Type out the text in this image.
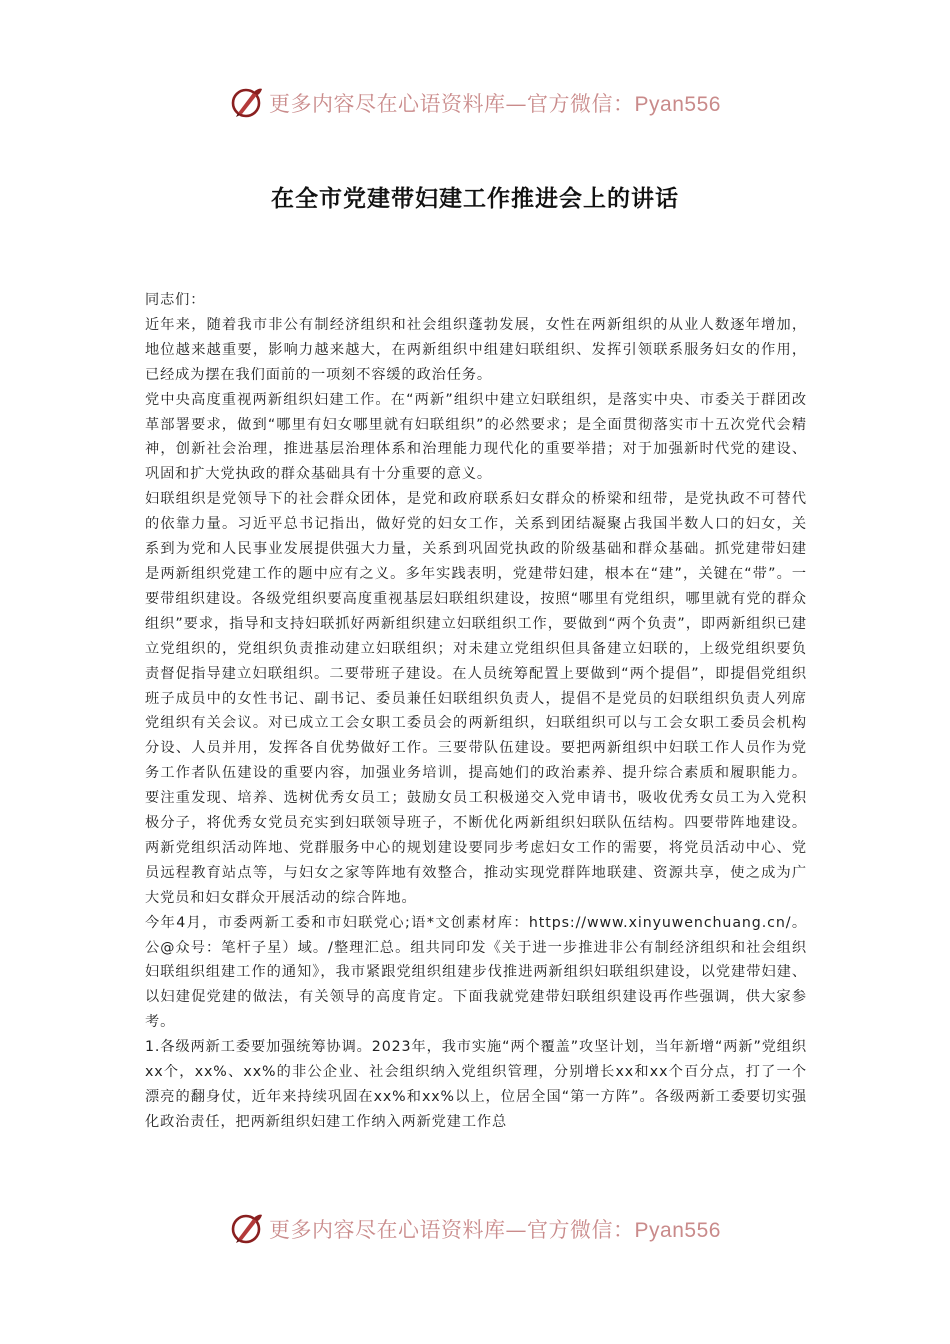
更多内容尽在心语资料库—官方微信：Pyan556
在全市党建带妇建工作推进会上的讲话

同志们：

近年来，随着我市非公有制经济组织和社会组织蓬勃发展，女性在两新组织的从业人数逐年增加，地位越来越重要，影响力越来越大，在两新组织中组建妇联组织、发挥引领联系服务妇女的作用，已经成为摆在我们面前的一项刻不容缓的政治任务。

党中央高度重视两新组织妇建工作。在“两新”组织中建立妇联组织，是落实中央、市委关于群团改革部署要求，做到“哪里有妇女哪里就有妇联组织”的必然要求；是全面贯彻落实市十五次党代会精神，创新社会治理，推进基层治理体系和治理能力现代化的重要举措；对于加强新时代党的建设、巩固和扩大党执政的群众基础具有十分重要的意义。

妇联组织是党领导下的社会群众团体，是党和政府联系妇女群众的桥梁和纽带，是党执政不可替代的依靠力量。习近平总书记指出，做好党的妇女工作，关系到团结凝聚占我国半数人口的妇女，关系到为党和人民事业发展提供强大力量，关系到巩固党执政的阶级基础和群众基础。抓党建带妇建是两新组织党建工作的题中应有之义。多年实践表明，党建带妇建，根本在“建”，关键在“带”。一要带组织建设。各级党组织要高度重视基层妇联组织建设，按照“哪里有党组织，哪里就有党的群众组织”要求，指导和支持妇联抓好两新组织建立妇联组织工作，要做到“两个负责”，即两新组织已建立党组织的，党组织负责推动建立妇联组织；对未建立党组织但具备建立妇联的，上级党组织要负责督促指导建立妇联组织。二要带班子建设。在人员统筹配置上要做到“两个提倡”，即提倡党组织班子成员中的女性书记、副书记、委员兼任妇联组织负责人，提倡不是党员的妇联组织负责人列席党组织有关会议。对已成立工会女职工委员会的两新组织，妇联组织可以与工会女职工委员会机构分设、人员并用，发挥各自优势做好工作。三要带队伍建设。要把两新组织中妇联工作人员作为党务工作者队伍建设的重要内容，加强业务培训，提高她们的政治素养、提升综合素质和履职能力。要注重发现、培养、选树优秀女员工；鼓励女员工积极递交入党申请书，吸收优秀女员工为入党积极分子，将优秀女党员充实到妇联领导班子，不断优化两新组织妇联队伍结构。四要带阵地建设。两新党组织活动阵地、党群服务中心的规划建设要同步考虑妇女工作的需要，将党员活动中心、党员远程教育站点等，与妇女之家等阵地有效整合，推动实现党群阵地联建、资源共享，使之成为广大党员和妇女群众开展活动的综合阵地。

今年4月，市委两新工委和市妇联党心;语*文创素材库：https://www.xinyuwenchuang.cn/。公@众号：笔杆子星）域。/整理汇总。组共同印发《关于进一步推进非公有制经济组织和社会组织妇联组织组建工作的通知》，我市紧跟党组织组建步伐推进两新组织妇联组织建设，以党建带妇建、以妇建促党建的做法，有关领导的高度肯定。下面我就党建带妇联组织建设再作些强调，供大家参考。

1.各级两新工委要加强统筹协调。2023年，我市实施“两个覆盖”攻坚计划，当年新增“两新”党组织xx个，xx%、xx%的非公企业、社会组织纳入党组织管理，分别增长xx和xx个百分点，打了一个漂亮的翻身仗，近年来持续巩固在xx%和xx%以上，位居全国“第一方阵”。各级两新工委要切实强化政治责任，把两新组织妇建工作纳入两新党建工作总

更多内容尽在心语资料库—官方微信：Pyan556
